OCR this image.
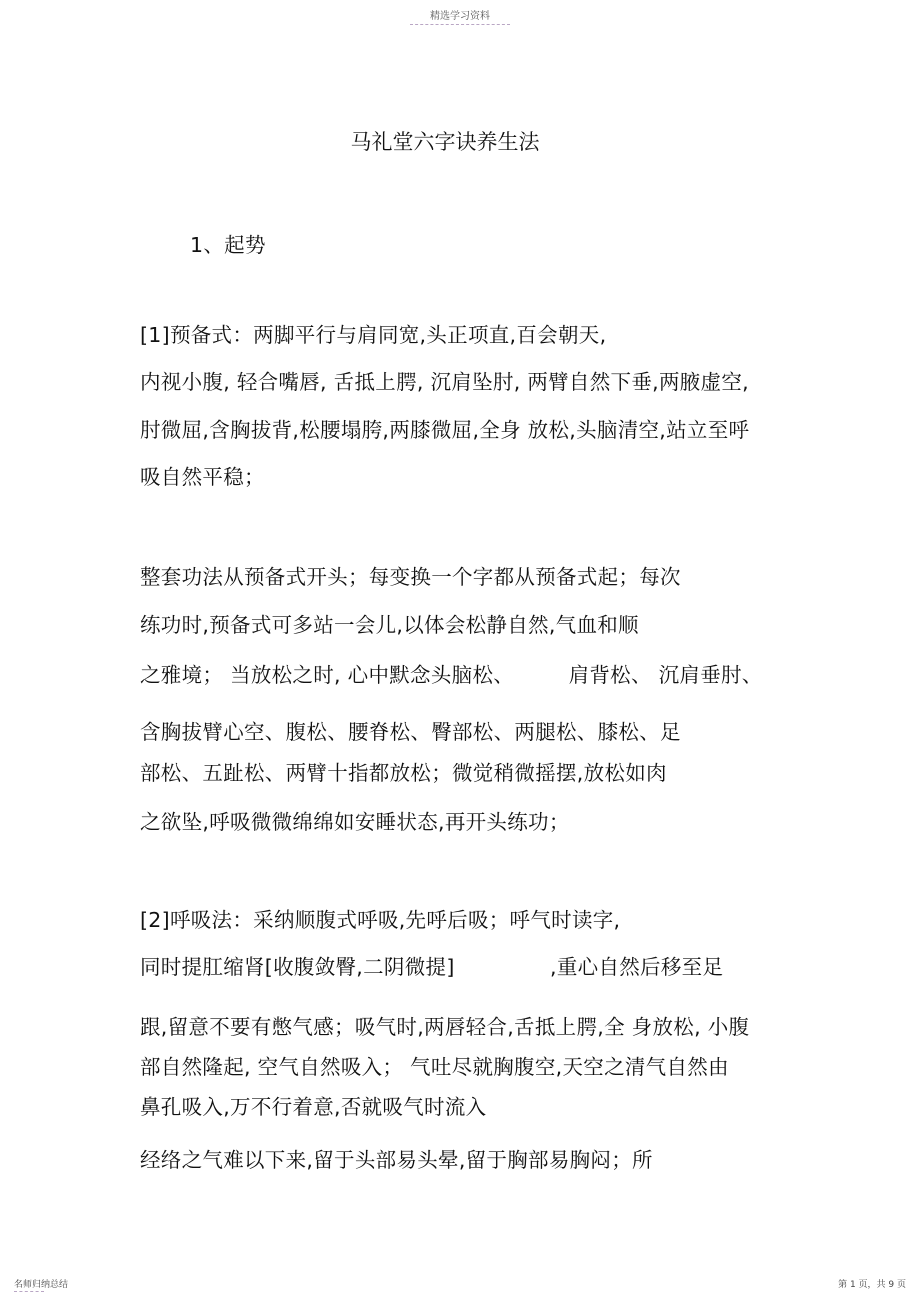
精选学习资料
马礼堂六字诀养生法
1、起势
[1]预备式：两脚平行与肩同宽,头正项直,百会朝天,
内视小腹, 轻合嘴唇, 舌抵上腭, 沉肩坠肘, 两臂自然下垂,两腋虚空,
肘微屈,含胸拔背,松腰塌胯,两膝微屈,全身 放松,头脑清空,站立至呼
吸自然平稳；
整套功法从预备式开头；每变换一个字都从预备式起；每次
练功时,预备式可多站一会儿,以体会松静自然,气血和顺
之雅境； 当放松之时, 心中默念头脑松、        肩背松、 沉肩垂肘、
含胸拔臂心空、腹松、腰脊松、臀部松、两腿松、膝松、足
部松、五趾松、两臂十指都放松；微觉稍微摇摆,放松如肉
之欲坠,呼吸微微绵绵如安睡状态,再开头练功；
[2]呼吸法：采纳顺腹式呼吸,先呼后吸；呼气时读字,
同时提肛缩肾[收腹敛臀,二阴微提]              ,重心自然后移至足
跟,留意不要有憋气感；吸气时,两唇轻合,舌抵上腭,全 身放松, 小腹
部自然隆起, 空气自然吸入； 气吐尽就胸腹空,天空之清气自然由
鼻孔吸入,万不行着意,否就吸气时流入
经络之气难以下来,留于头部易头晕,留于胸部易胸闷；所
名师归纳总结	第 1 页，共 9 页
